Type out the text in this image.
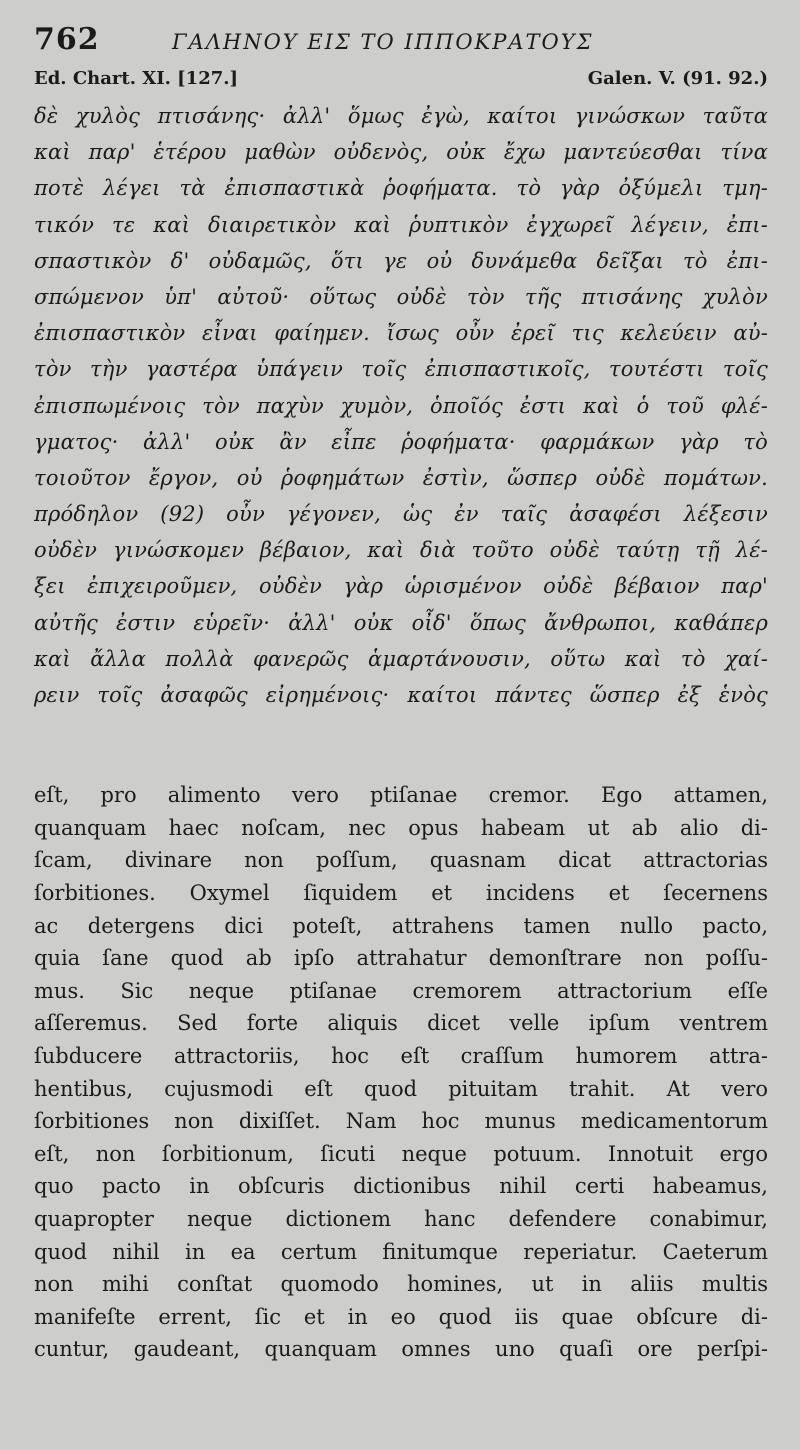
762	ΓΑΛΗΝΟΥ ΕΙΣ ΤΟ ΙΠΠΟΚΡΑΤΟΥΣ
Ed. Chart. XI. [127.]	Galen. V. (91. 92.)
δὲ χυλὸς πτισάνης· ἀλλ' ὅμως ἐγὼ, καίτοι γινώσκων ταῦτα
καὶ παρ' ἑτέρου μαθὼν οὐδενὸς, οὐκ ἔχω μαντεύεσθαι τίνα
ποτὲ λέγει τὰ ἐπισπαστικὰ ῥοφήματα. τὸ γὰρ ὀξύμελι τμη-
τικόν τε καὶ διαιρετικὸν καὶ ῥυπτικὸν ἐγχωρεῖ λέγειν, ἐπι-
σπαστικὸν δ' οὐδαμῶς, ὅτι γε οὐ δυνάμεθα δεῖξαι τὸ ἐπι-
σπώμενον ὑπ' αὐτοῦ· οὕτως οὐδὲ τὸν τῆς πτισάνης χυλὸν
ἐπισπαστικὸν εἶναι φαίημεν. ἴσως οὖν ἐρεῖ τις κελεύειν αὐ-
τὸν τὴν γαστέρα ὑπάγειν τοῖς ἐπισπαστικοῖς, τουτέστι τοῖς
ἐπισπωμένοις τὸν παχὺν χυμὸν, ὁποῖός ἐστι καὶ ὁ τοῦ φλέ-
γματος· ἀλλ' οὐκ ἂν εἶπε ῥοφήματα· φαρμάκων γὰρ τὸ
τοιοῦτον ἔργον, οὐ ῥοφημάτων ἐστὶν, ὥσπερ οὐδὲ πομάτων.
πρόδηλον (92) οὖν γέγονεν, ὡς ἐν ταῖς ἀσαφέσι λέξεσιν
οὐδὲν γινώσκομεν βέβαιον, καὶ διὰ τοῦτο οὐδὲ ταύτῃ τῇ λέ-
ξει ἐπιχειροῦμεν, οὐδὲν γὰρ ὡρισμένον οὐδὲ βέβαιον παρ'
αὐτῆς ἐστιν εὑρεῖν· ἀλλ' οὐκ οἶδ' ὅπως ἄνθρωποι, καθάπερ
καὶ ἄλλα πολλὰ φανερῶς ἁμαρτάνουσιν, οὕτω καὶ τὸ χαί-
ρειν τοῖς ἀσαφῶς εἰρημένοις· καίτοι πάντες ὥσπερ ἐξ ἑνὸς
eſt, pro alimento vero ptiſanae cremor. Ego attamen,
quanquam haec noſcam, nec opus habeam ut ab alio di-
ſcam, divinare non poſſum, quasnam dicat attractorias
ſorbitiones. Oxymel ſiquidem et incidens et ſecernens
ac detergens dici poteſt, attrahens tamen nullo pacto,
quia ſane quod ab ipſo attrahatur demonſtrare non poſſu-
mus. Sic neque ptiſanae cremorem attractorium eſſe
aſſeremus. Sed forte aliquis dicet velle ipſum ventrem
ſubducere attractoriis, hoc eſt craſſum humorem attra-
hentibus, cujusmodi eſt quod pituitam trahit. At vero
ſorbitiones non dixiſſet. Nam hoc munus medicamentorum
eſt, non ſorbitionum, ſicuti neque potuum. Innotuit ergo
quo pacto in obſcuris dictionibus nihil certi habeamus,
quapropter neque dictionem hanc defendere conabimur,
quod nihil in ea certum finitumque reperiatur. Caeterum
non mihi conſtat quomodo homines, ut in aliis multis
manifeſte errent, ſic et in eo quod iis quae obſcure di-
cuntur, gaudeant, quanquam omnes uno quaſi ore perſpi-
